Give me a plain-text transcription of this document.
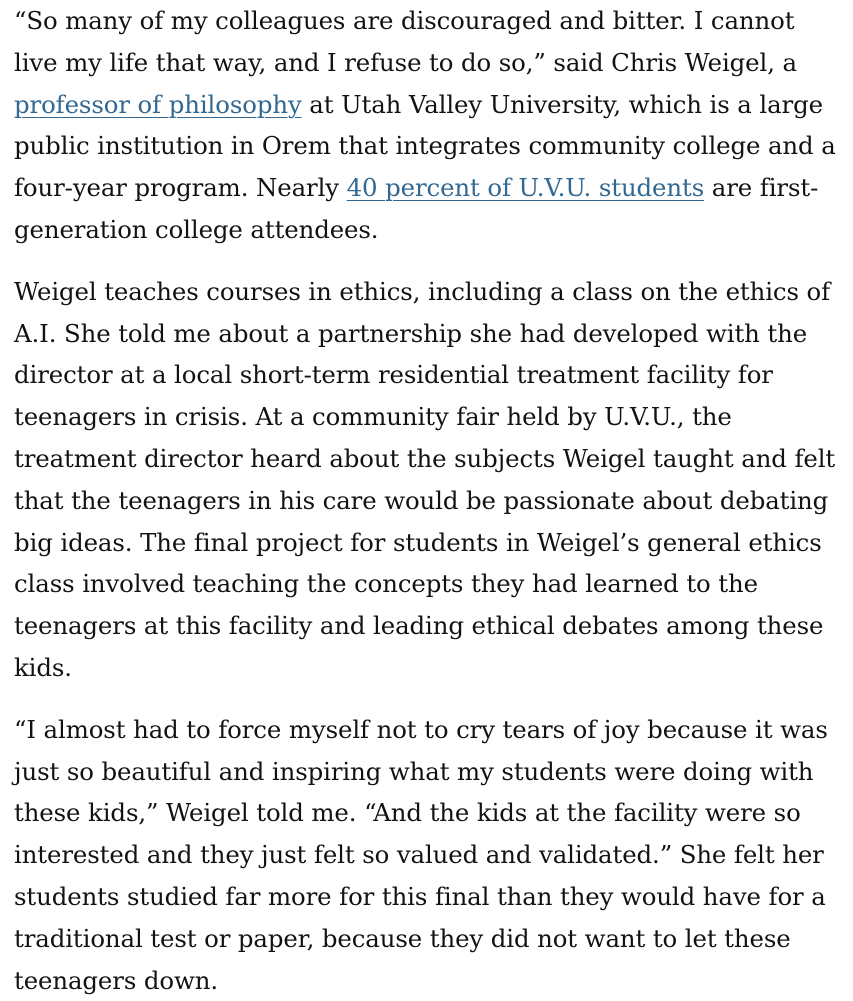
“So many of my colleagues are discouraged and bitter. I cannot live my life that way, and I refuse to do so,” said Chris Weigel, a professor of philosophy at Utah Valley University, which is a large public institution in Orem that integrates community college and a four-year program. Nearly 40 percent of U.V.U. students are first-generation college attendees.

Weigel teaches courses in ethics, including a class on the ethics of A.I. She told me about a partnership she had developed with the director at a local short-term residential treatment facility for teenagers in crisis. At a community fair held by U.V.U., the treatment director heard about the subjects Weigel taught and felt that the teenagers in his care would be passionate about debating big ideas. The final project for students in Weigel’s general ethics class involved teaching the concepts they had learned to the teenagers at this facility and leading ethical debates among these kids.

“I almost had to force myself not to cry tears of joy because it was just so beautiful and inspiring what my students were doing with these kids,” Weigel told me. “And the kids at the facility were so interested and they just felt so valued and validated.” She felt her students studied far more for this final than they would have for a traditional test or paper, because they did not want to let these teenagers down.
